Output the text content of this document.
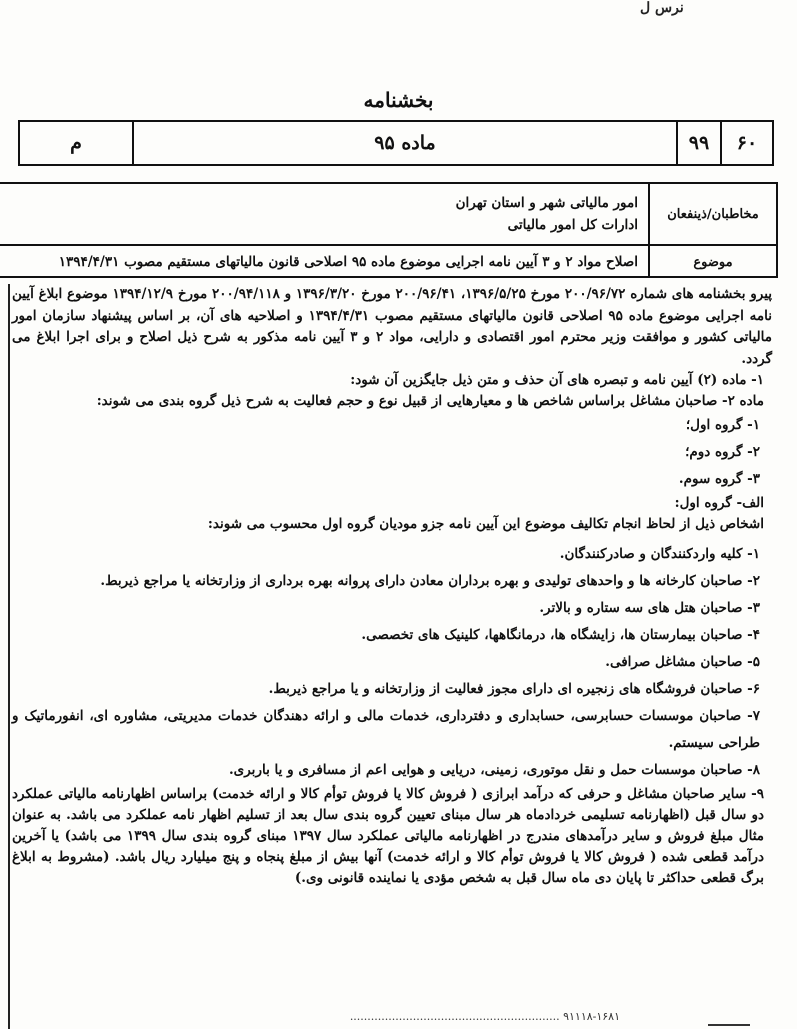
نرس ل
بخشنامه
۶۰
۹۹
ماده ۹۵
م
مخاطبان/ذینفعان
امور مالیاتی شهر و استان تهران
ادارات کل امور مالیاتی
موضوع
اصلاح مواد ۲ و ۳ آیین نامه اجرایی موضوع ماده ۹۵ اصلاحی قانون مالیاتهای مستقیم مصوب ۱۳۹۴/۴/۳۱

پیرو بخشنامه های شماره ۲۰۰/۹۶/۷۲ مورخ ۱۳۹۶/۵/۲۵، ۲۰۰/۹۶/۴۱ مورخ ۱۳۹۶/۳/۲۰ و ۲۰۰/۹۴/۱۱۸ مورخ ۱۳۹۴/۱۲/۹ موضوع ابلاغ آیین نامه اجرایی موضوع ماده ۹۵ اصلاحی قانون مالیاتهای مستقیم مصوب ۱۳۹۴/۴/۳۱ و اصلاحیه های آن، بر اساس پیشنهاد سازمان امور مالیاتی کشور و موافقت وزیر محترم امور اقتصادی و دارایی، مواد ۲ و ۳ آیین نامه مذکور به شرح ذیل اصلاح و برای اجرا ابلاغ می گردد.

۱- ماده (۲) آیین نامه و تبصره های آن حذف و متن ذیل جایگزین آن شود:

ماده ۲- صاحبان مشاغل براساس شاخص ها و معیارهایی از قبیل نوع و حجم فعالیت به شرح ذیل گروه بندی می شوند:

۱- گروه اول؛

۲- گروه دوم؛

۳- گروه سوم.

الف- گروه اول:

اشخاص ذیل از لحاظ انجام تکالیف موضوع این آیین نامه جزو مودیان گروه اول محسوب می شوند:

۱- کلیه واردکنندگان و صادرکنندگان.

۲- صاحبان کارخانه ها و واحدهای تولیدی و بهره برداران معادن دارای پروانه بهره برداری از وزارتخانه یا مراجع ذیربط.

۳- صاحبان هتل های سه ستاره و بالاتر.

۴- صاحبان بیمارستان ها، زایشگاه ها، درمانگاهها، کلینیک های تخصصی.

۵- صاحبان مشاغل صرافی.

۶- صاحبان فروشگاه های زنجیره ای دارای مجوز فعالیت از وزارتخانه و یا مراجع ذیربط.

۷- صاحبان موسسات حسابرسی، حسابداری و دفترداری، خدمات مالی و ارائه دهندگان خدمات مدیریتی، مشاوره ای، انفورماتیک و طراحی سیستم.

۸- صاحبان موسسات حمل و نقل موتوری، زمینی، دریایی و هوایی اعم از مسافری و یا باربری.

۹- سایر صاحبان مشاغل و حرفی که درآمد ابرازی ( فروش کالا یا فروش توأم کالا و ارائه خدمت) براساس اظهارنامه مالیاتی عملکرد دو سال قبل (اظهارنامه تسلیمی خردادماه هر سال مبنای تعیین گروه بندی سال بعد از تسلیم اظهار نامه عملکرد می باشد. به عنوان مثال مبلغ فروش و سایر درآمدهای مندرج در اظهارنامه مالیاتی عملکرد سال ۱۳۹۷ مبنای گروه بندی سال ۱۳۹۹ می باشد) یا آخرین درآمد قطعی شده ( فروش کالا یا فروش توأم کالا و ارائه خدمت) آنها بیش از مبلغ پنجاه و پنج میلیارد ریال باشد. (مشروط به ابلاغ برگ قطعی حداکثر تا پایان دی ماه سال قبل به شخص مؤدی یا نماینده قانونی وی.)

۹۱۱۱۸-۱۶۸۱ ............................................................
